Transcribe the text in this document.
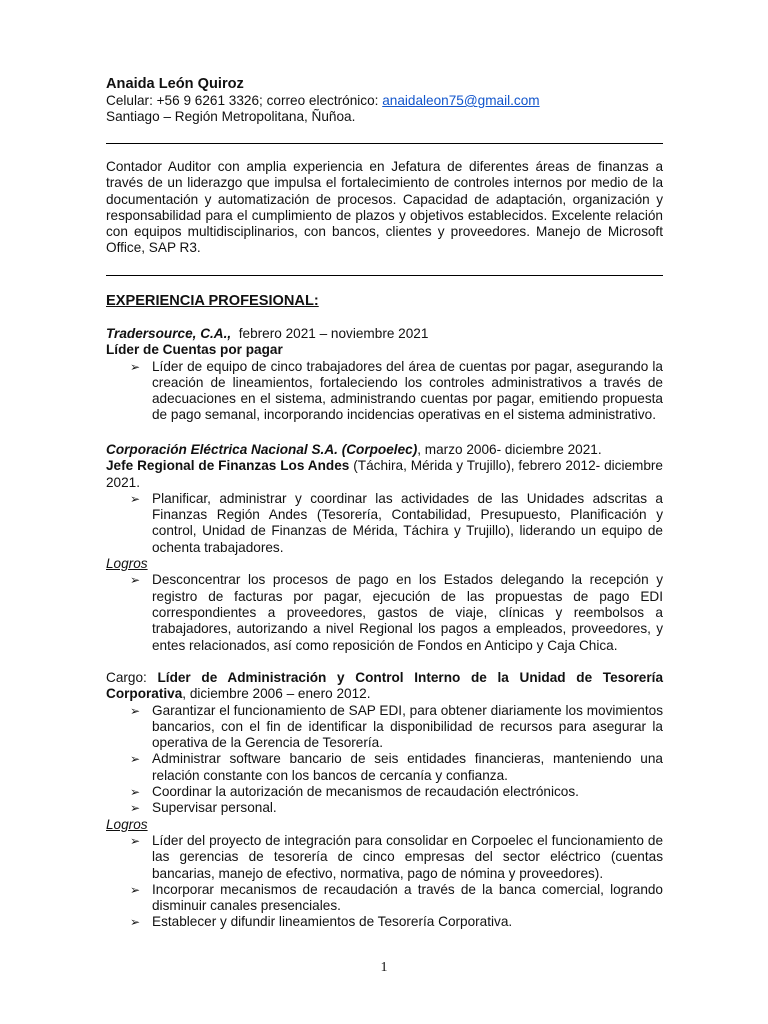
Anaida León Quiroz
Celular: +56 9 6261 3326; correo electrónico: anaidaleon75@gmail.com
Santiago – Región Metropolitana, Ñuñoa.
Contador Auditor con amplia experiencia en Jefatura de diferentes áreas de finanzas a través de un liderazgo que impulsa el fortalecimiento de controles internos por medio de la documentación y automatización de procesos. Capacidad de adaptación, organización y responsabilidad para el cumplimiento de plazos y objetivos establecidos. Excelente relación con equipos multidisciplinarios, con bancos, clientes y proveedores. Manejo de Microsoft Office, SAP R3.
EXPERIENCIA PROFESIONAL:
Tradersource, C.A., febrero 2021 – noviembre 2021
Líder de Cuentas por pagar
➢ Líder de equipo de cinco trabajadores del área de cuentas por pagar, asegurando la creación de lineamientos, fortaleciendo los controles administrativos a través de adecuaciones en el sistema, administrando cuentas por pagar, emitiendo propuesta de pago semanal, incorporando incidencias operativas en el sistema administrativo.
Corporación Eléctrica Nacional S.A. (Corpoelec), marzo 2006- diciembre 2021.
Jefe Regional de Finanzas Los Andes (Táchira, Mérida y Trujillo), febrero 2012- diciembre 2021.
➢ Planificar, administrar y coordinar las actividades de las Unidades adscritas a Finanzas Región Andes (Tesorería, Contabilidad, Presupuesto, Planificación y control, Unidad de Finanzas de Mérida, Táchira y Trujillo), liderando un equipo de ochenta trabajadores.
Logros
➢ Desconcentrar los procesos de pago en los Estados delegando la recepción y registro de facturas por pagar, ejecución de las propuestas de pago EDI correspondientes a proveedores, gastos de viaje, clínicas y reembolsos a trabajadores, autorizando a nivel Regional los pagos a empleados, proveedores, y entes relacionados, así como reposición de Fondos en Anticipo y Caja Chica.
Cargo: Líder de Administración y Control Interno de la Unidad de Tesorería Corporativa, diciembre 2006 – enero 2012.
➢ Garantizar el funcionamiento de SAP EDI, para obtener diariamente los movimientos bancarios, con el fin de identificar la disponibilidad de recursos para asegurar la operativa de la Gerencia de Tesorería.
➢ Administrar software bancario de seis entidades financieras, manteniendo una relación constante con los bancos de cercanía y confianza.
➢ Coordinar la autorización de mecanismos de recaudación electrónicos.
➢ Supervisar personal.
Logros
➢ Líder del proyecto de integración para consolidar en Corpoelec el funcionamiento de las gerencias de tesorería de cinco empresas del sector eléctrico (cuentas bancarias, manejo de efectivo, normativa, pago de nómina y proveedores).
➢ Incorporar mecanismos de recaudación a través de la banca comercial, logrando disminuir canales presenciales.
➢ Establecer y difundir lineamientos de Tesorería Corporativa.
1
